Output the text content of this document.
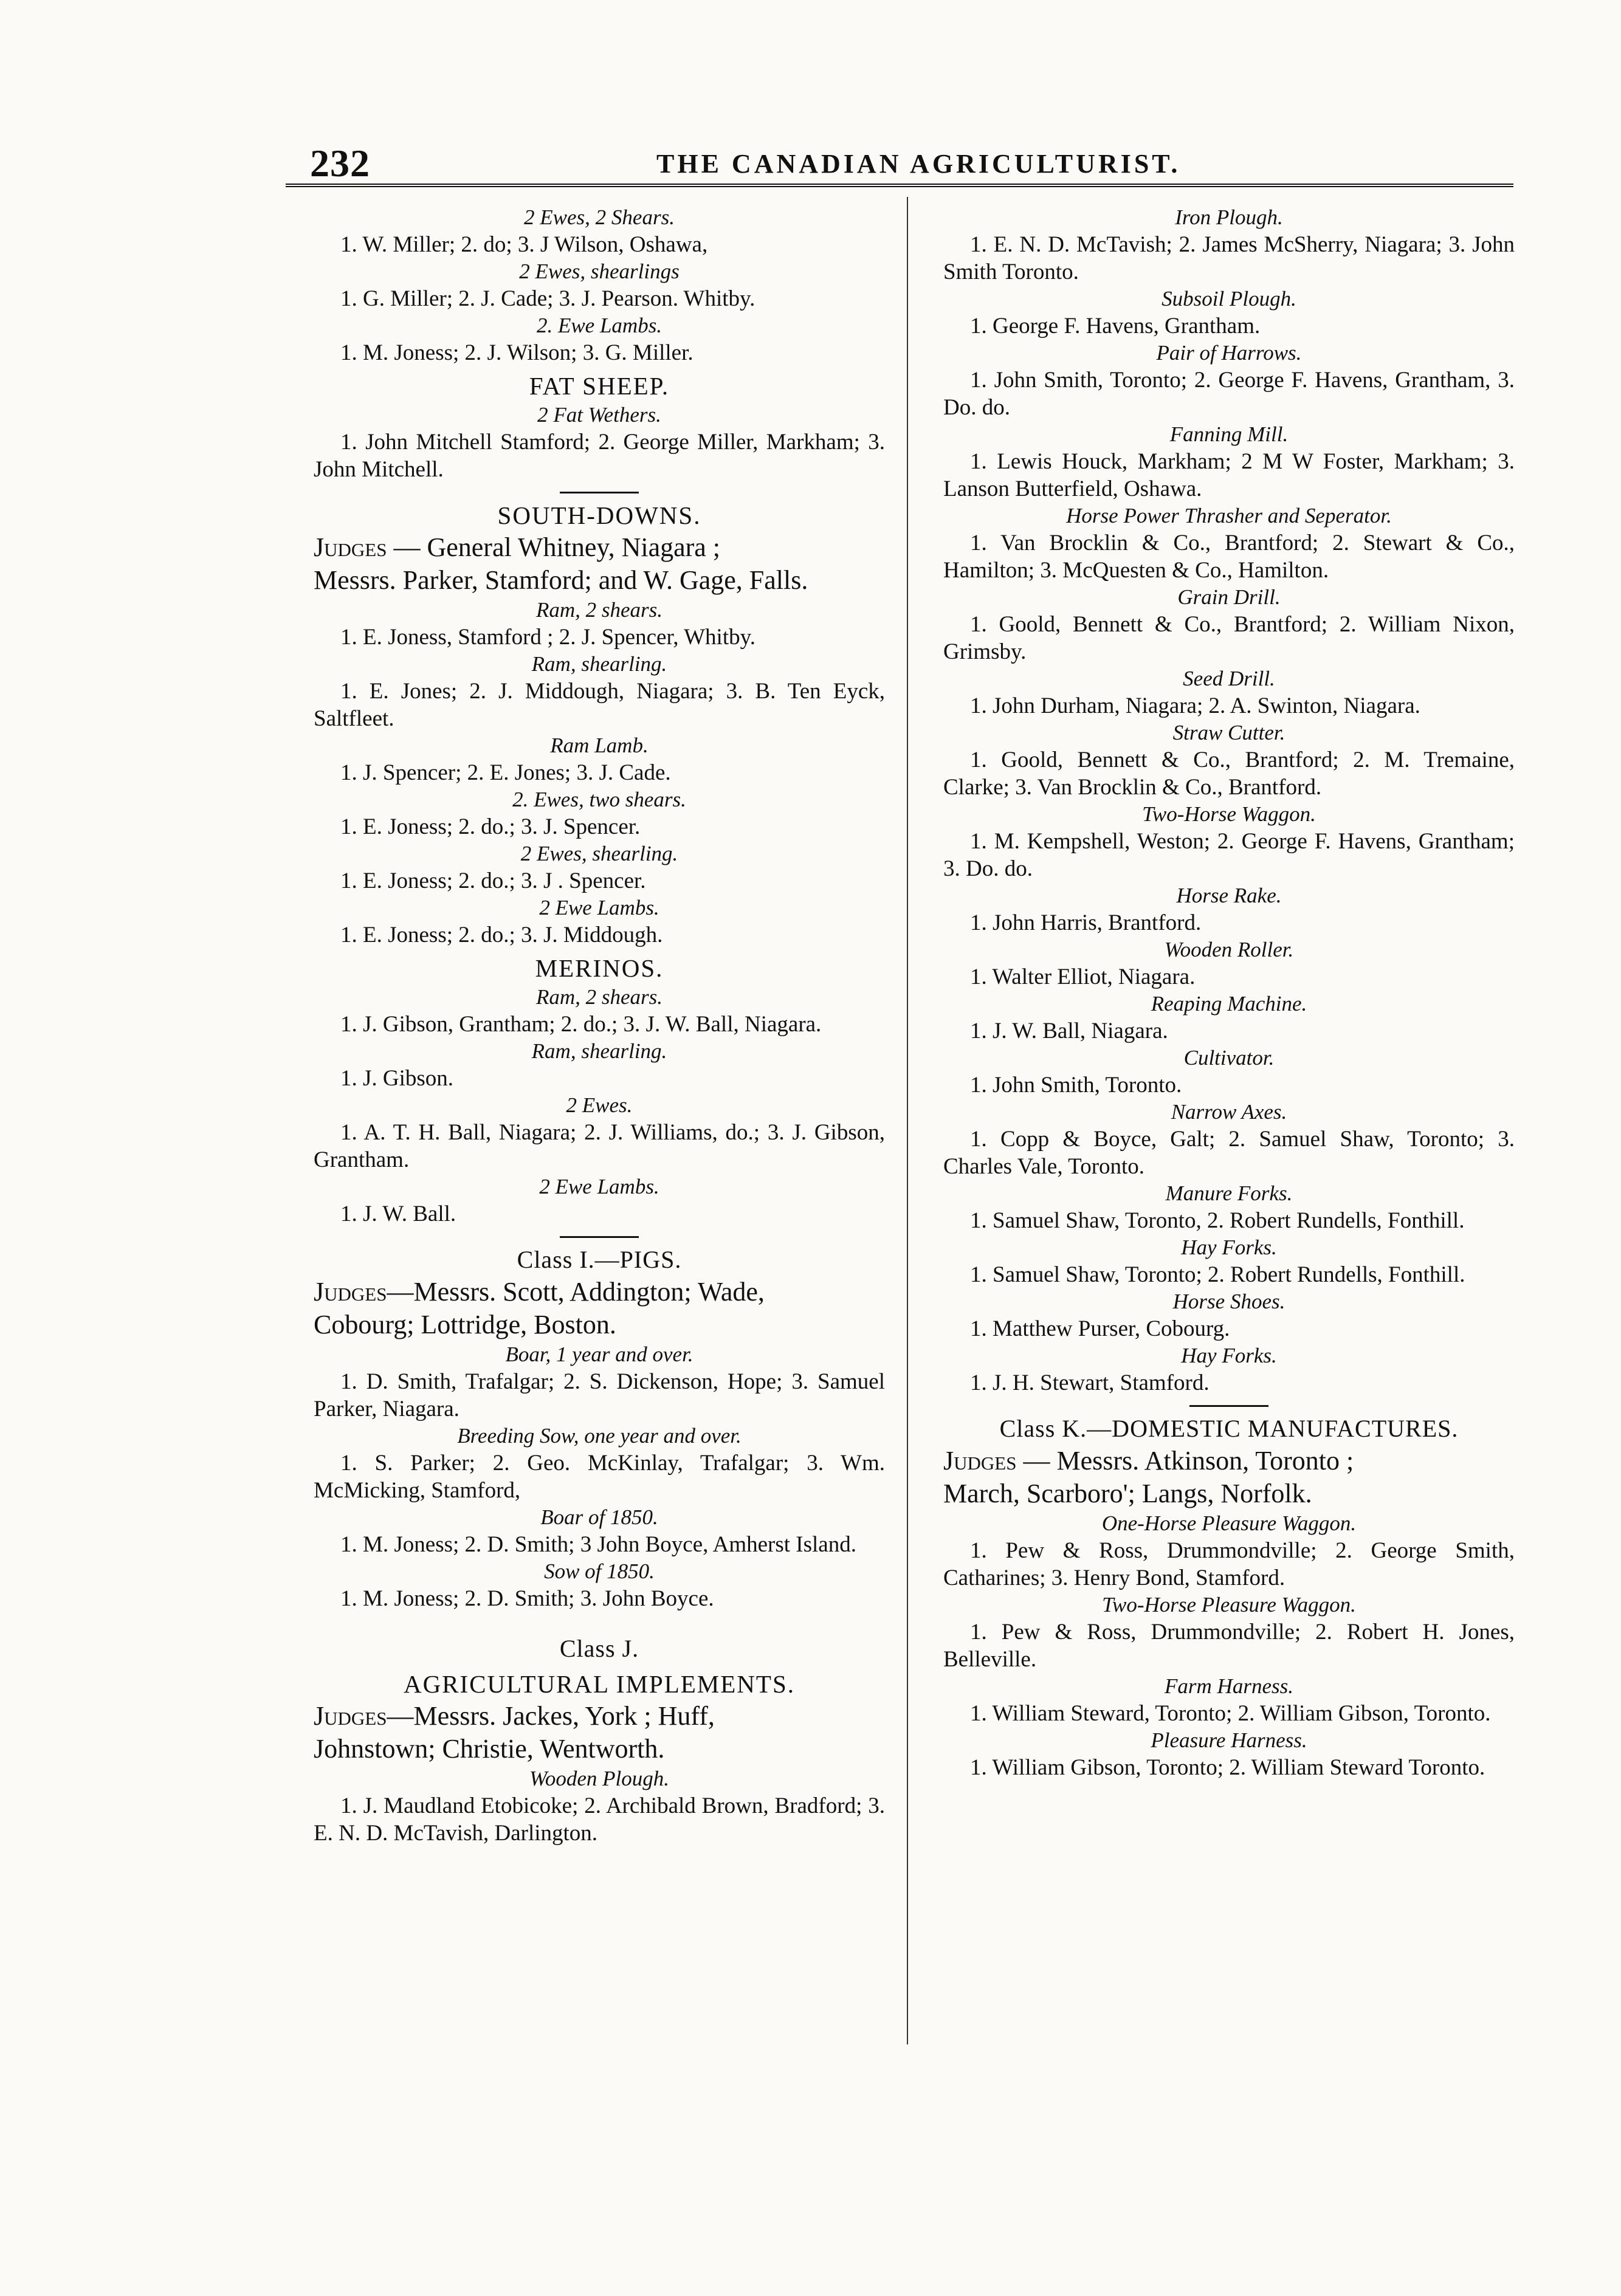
232	THE CANADIAN AGRICULTURIST.
2 Ewes, 2 Shears.
1. W. Miller; 2. do; 3. J Wilson, Oshawa,
2 Ewes, shearlings
1. G. Miller; 2. J. Cade; 3. J. Pearson. Whitby.
2. Ewe Lambs.
1. M. Joness; 2. J. Wilson; 3. G. Miller.
FAT SHEEP.
2 Fat Wethers.
1. John Mitchell Stamford; 2. George Miller, Markham; 3. John Mitchell.
SOUTH-DOWNS.
Judges — General Whitney, Niagara ;
Messrs. Parker, Stamford; and W. Gage, Falls.
Ram, 2 shears.
1. E. Joness, Stamford ; 2. J. Spencer, Whitby.
Ram, shearling.
1. E. Jones; 2. J. Middough, Niagara; 3. B. Ten Eyck, Saltfleet.
Ram Lamb.
1. J. Spencer; 2. E. Jones; 3. J. Cade.
2. Ewes, two shears.
1. E. Joness; 2. do.; 3. J. Spencer.
2 Ewes, shearling.
1. E. Joness; 2. do.; 3. J . Spencer.
2 Ewe Lambs.
1. E. Joness; 2. do.; 3. J. Middough.
MERINOS.
Ram, 2 shears.
1. J. Gibson, Grantham; 2. do.; 3. J. W. Ball, Niagara.
Ram, shearling.
1. J. Gibson.
2 Ewes.
1. A. T. H. Ball, Niagara; 2. J. Williams, do.; 3. J. Gibson, Grantham.
2 Ewe Lambs.
1. J. W. Ball.
Class I.—PIGS.
Judges—Messrs. Scott, Addington; Wade,
Cobourg; Lottridge, Boston.
Boar, 1 year and over.
1. D. Smith, Trafalgar; 2. S. Dickenson, Hope; 3. Samuel Parker, Niagara.
Breeding Sow, one year and over.
1. S. Parker; 2. Geo. McKinlay, Trafalgar; 3. Wm. McMicking, Stamford,
Boar of 1850.
1. M. Joness; 2. D. Smith; 3 John Boyce, Amherst Island.
Sow of 1850.
1. M. Joness; 2. D. Smith; 3. John Boyce.
Class J.
AGRICULTURAL IMPLEMENTS.
Judges—Messrs. Jackes, York ; Huff,
Johnstown; Christie, Wentworth.
Wooden Plough.
1. J. Maudland Etobicoke; 2. Archibald Brown, Bradford; 3. E. N. D. McTavish, Darlington.
Iron Plough.
1. E. N. D. McTavish; 2. James McSherry, Niagara; 3. John Smith Toronto.
Subsoil Plough.
1. George F. Havens, Grantham.
Pair of Harrows.
1. John Smith, Toronto; 2. George F. Havens, Grantham, 3. Do. do.
Fanning Mill.
1. Lewis Houck, Markham; 2 M W Foster, Markham; 3. Lanson Butterfield, Oshawa.
Horse Power Thrasher and Seperator.
1. Van Brocklin & Co., Brantford; 2. Stewart & Co., Hamilton; 3. McQuesten & Co., Hamilton.
Grain Drill.
1. Goold, Bennett & Co., Brantford; 2. William Nixon, Grimsby.
Seed Drill.
1. John Durham, Niagara; 2. A. Swinton, Niagara.
Straw Cutter.
1. Goold, Bennett & Co., Brantford; 2. M. Tremaine, Clarke; 3. Van Brocklin & Co., Brantford.
Two-Horse Waggon.
1. M. Kempshell, Weston; 2. George F. Havens, Grantham; 3. Do. do.
Horse Rake.
1. John Harris, Brantford.
Wooden Roller.
1. Walter Elliot, Niagara.
Reaping Machine.
1. J. W. Ball, Niagara.
Cultivator.
1. John Smith, Toronto.
Narrow Axes.
1. Copp & Boyce, Galt; 2. Samuel Shaw, Toronto; 3. Charles Vale, Toronto.
Manure Forks.
1. Samuel Shaw, Toronto, 2. Robert Rundells, Fonthill.
Hay Forks.
1. Samuel Shaw, Toronto; 2. Robert Rundells, Fonthill.
Horse Shoes.
1. Matthew Purser, Cobourg.
Hay Forks.
1. J. H. Stewart, Stamford.
Class K.—DOMESTIC MANUFACTURES.
Judges — Messrs. Atkinson, Toronto ;
March, Scarboro'; Langs, Norfolk.
One-Horse Pleasure Waggon.
1. Pew & Ross, Drummondville; 2. George Smith, Catharines; 3. Henry Bond, Stamford.
Two-Horse Pleasure Waggon.
1. Pew & Ross, Drummondville; 2. Robert H. Jones, Belleville.
Farm Harness.
1. William Steward, Toronto; 2. William Gibson, Toronto.
Pleasure Harness.
1. William Gibson, Toronto; 2. William Steward Toronto.
